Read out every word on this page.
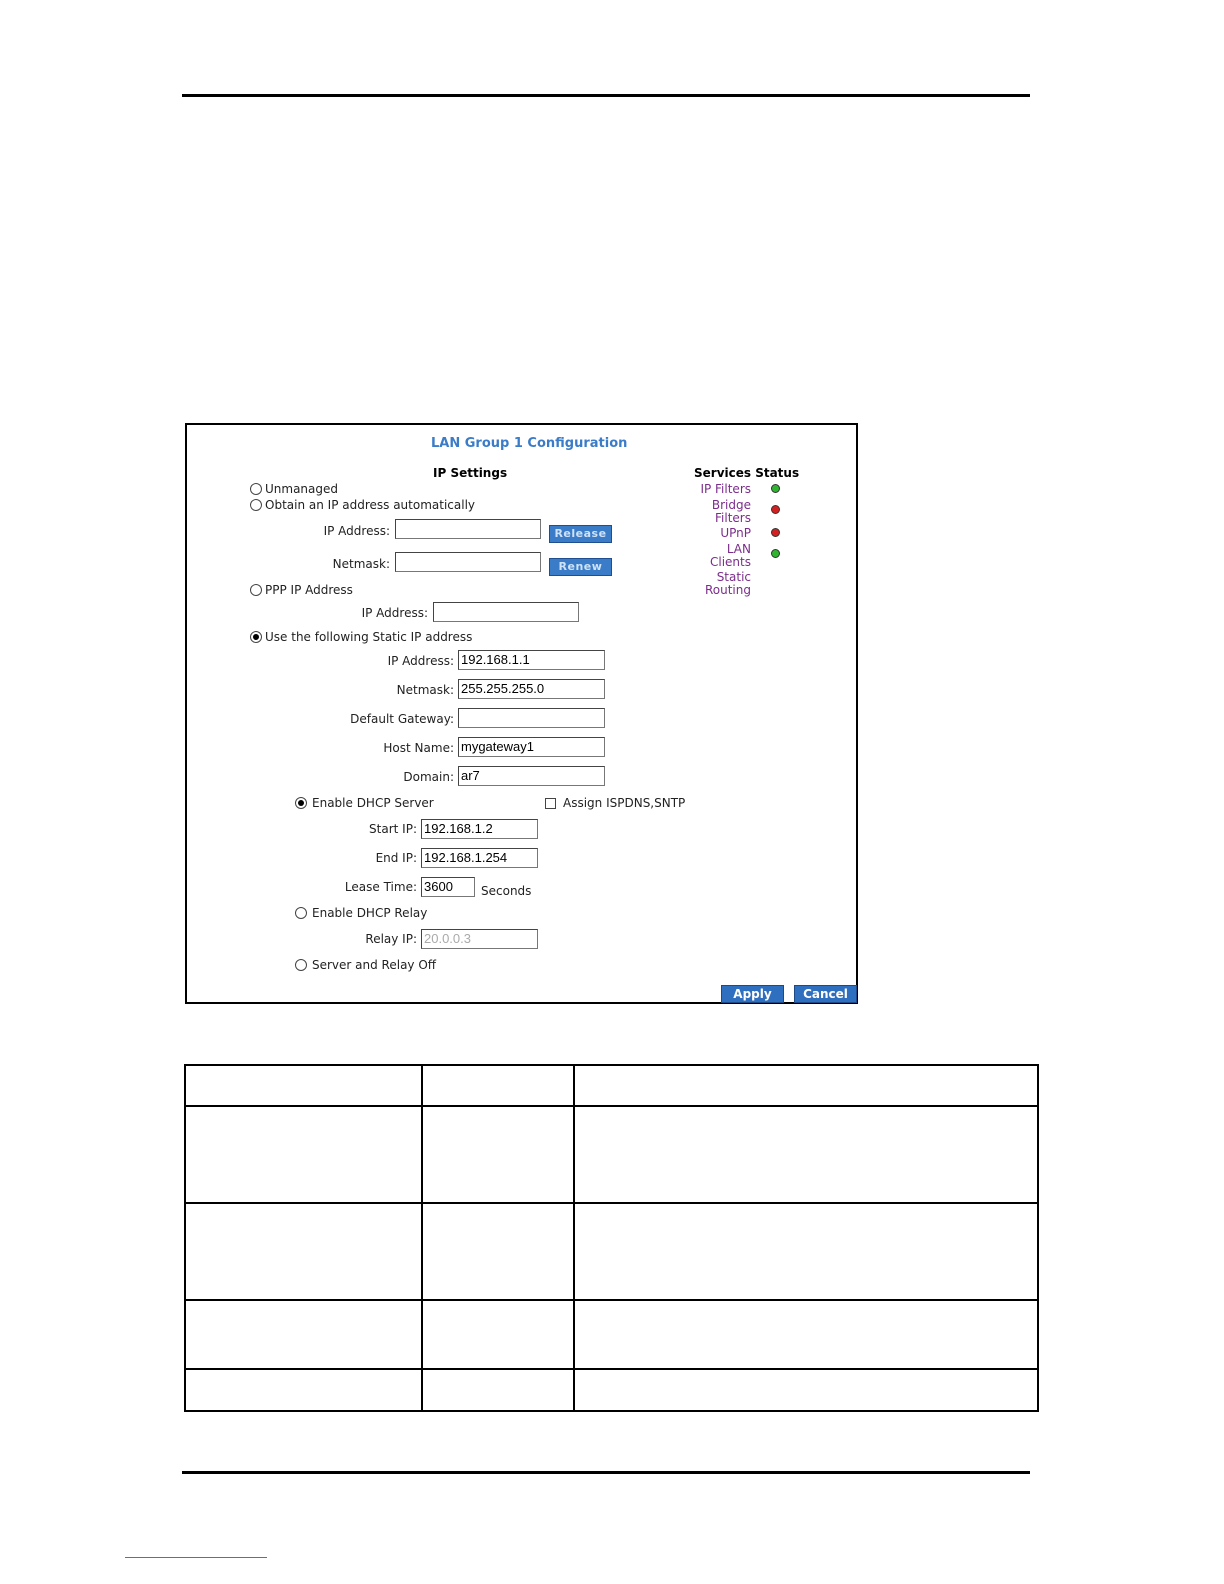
LAN Group 1 Configuration
IP Settings	Services Status
Unmanaged
Obtain an IP address automatically
IP Address:	Release
Netmask:	Renew
PPP IP Address
IP Address:
Use the following Static IP address
IP Address: 192.168.1.1
Netmask: 255.255.255.0
Default Gateway:
Host Name: mygateway1
Domain: ar7
Enable DHCP Server	Assign ISPDNS,SNTP
Start IP: 192.168.1.2
End IP: 192.168.1.254
Lease Time: 3600	Seconds
Enable DHCP Relay
Relay IP: 20.0.0.3
Server and Relay Off
IP Filters
Bridge
Filters
UPnP
LAN
Clients
Static
Routing
Apply	Cancel
